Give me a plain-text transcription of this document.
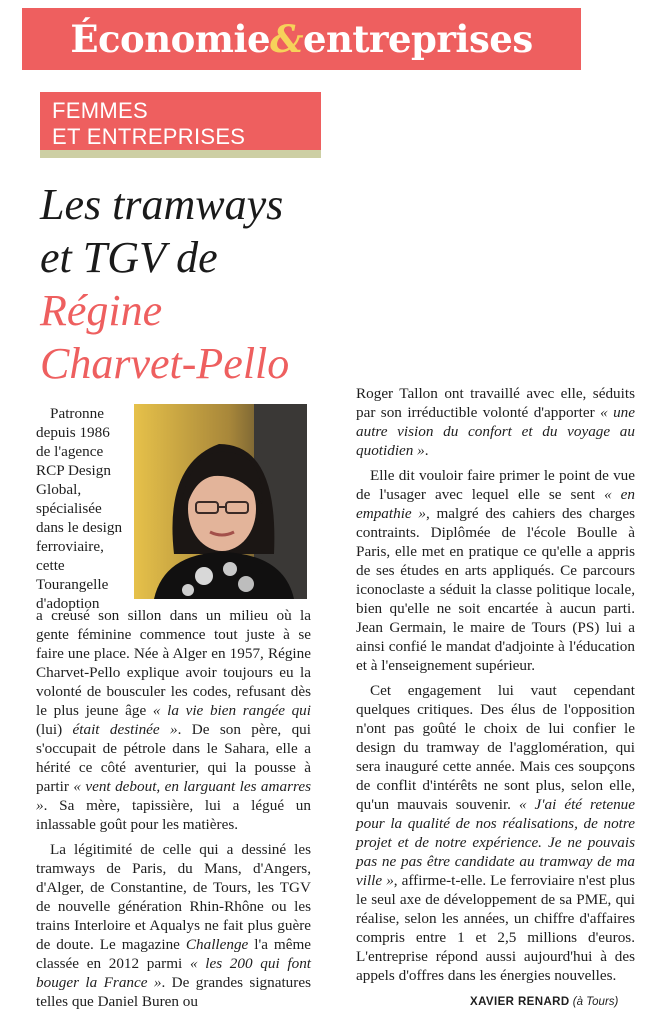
Économie&entreprises
FEMMES
ET ENTREPRISES
Les tramways
et TGV de
Régine
Charvet-Pello

Patronne depuis 1986 de l'agence RCP Design Global, spécialisée dans le design ferroviaire, cette Tourangelle d'adoption

a creusé son sillon dans un milieu où la gente féminine commence tout juste à se faire une place. Née à Alger en 1957, Régine Charvet-Pello explique avoir toujours eu la volonté de bousculer les codes, refusant dès le plus jeune âge « la vie bien rangée qui (lui) était destinée ». De son père, qui s'occupait de pétrole dans le Sahara, elle a hérité ce côté aventurier, qui la pousse à partir « vent debout, en larguant les amarres ». Sa mère, tapissière, lui a légué un inlassable goût pour les matières.

La légitimité de celle qui a dessiné les tramways de Paris, du Mans, d'Angers, d'Alger, de Constantine, de Tours, les TGV de nouvelle génération Rhin-Rhône ou les trains Interloire et Aqualys ne fait plus guère de doute. Le magazine Challenge l'a même classée en 2012 parmi « les 200 qui font bouger la France ». De grandes signatures telles que Daniel Buren ou

Roger Tallon ont travaillé avec elle, séduits par son irréductible volonté d'apporter « une autre vision du confort et du voyage au quotidien ».

Elle dit vouloir faire primer le point de vue de l'usager avec lequel elle se sent « en empathie », malgré des cahiers des charges contraints. Diplômée de l'école Boulle à Paris, elle met en pratique ce qu'elle a appris de ses études en arts appliqués. Ce parcours iconoclaste a séduit la classe politique locale, bien qu'elle ne soit encartée à aucun parti. Jean Germain, le maire de Tours (PS) lui a ainsi confié le mandat d'adjointe à l'éducation et à l'enseignement supérieur.

Cet engagement lui vaut cependant quelques critiques. Des élus de l'opposition n'ont pas goûté le choix de lui confier le design du tramway de l'agglomération, qui sera inauguré cette année. Mais ces soupçons de conflit d'intérêts ne sont plus, selon elle, qu'un mauvais souvenir. « J'ai été retenue pour la qualité de nos réalisations, de notre projet et de notre expérience. Je ne pouvais pas ne pas être candidate au tramway de ma ville », affirme-t-elle. Le ferroviaire n'est plus le seul axe de développement de sa PME, qui réalise, selon les années, un chiffre d'affaires compris entre 1 et 2,5 millions d'euros. L'entreprise répond aussi aujourd'hui à des appels d'offres dans les énergies nouvelles.

XAVIER RENARD (à Tours)
